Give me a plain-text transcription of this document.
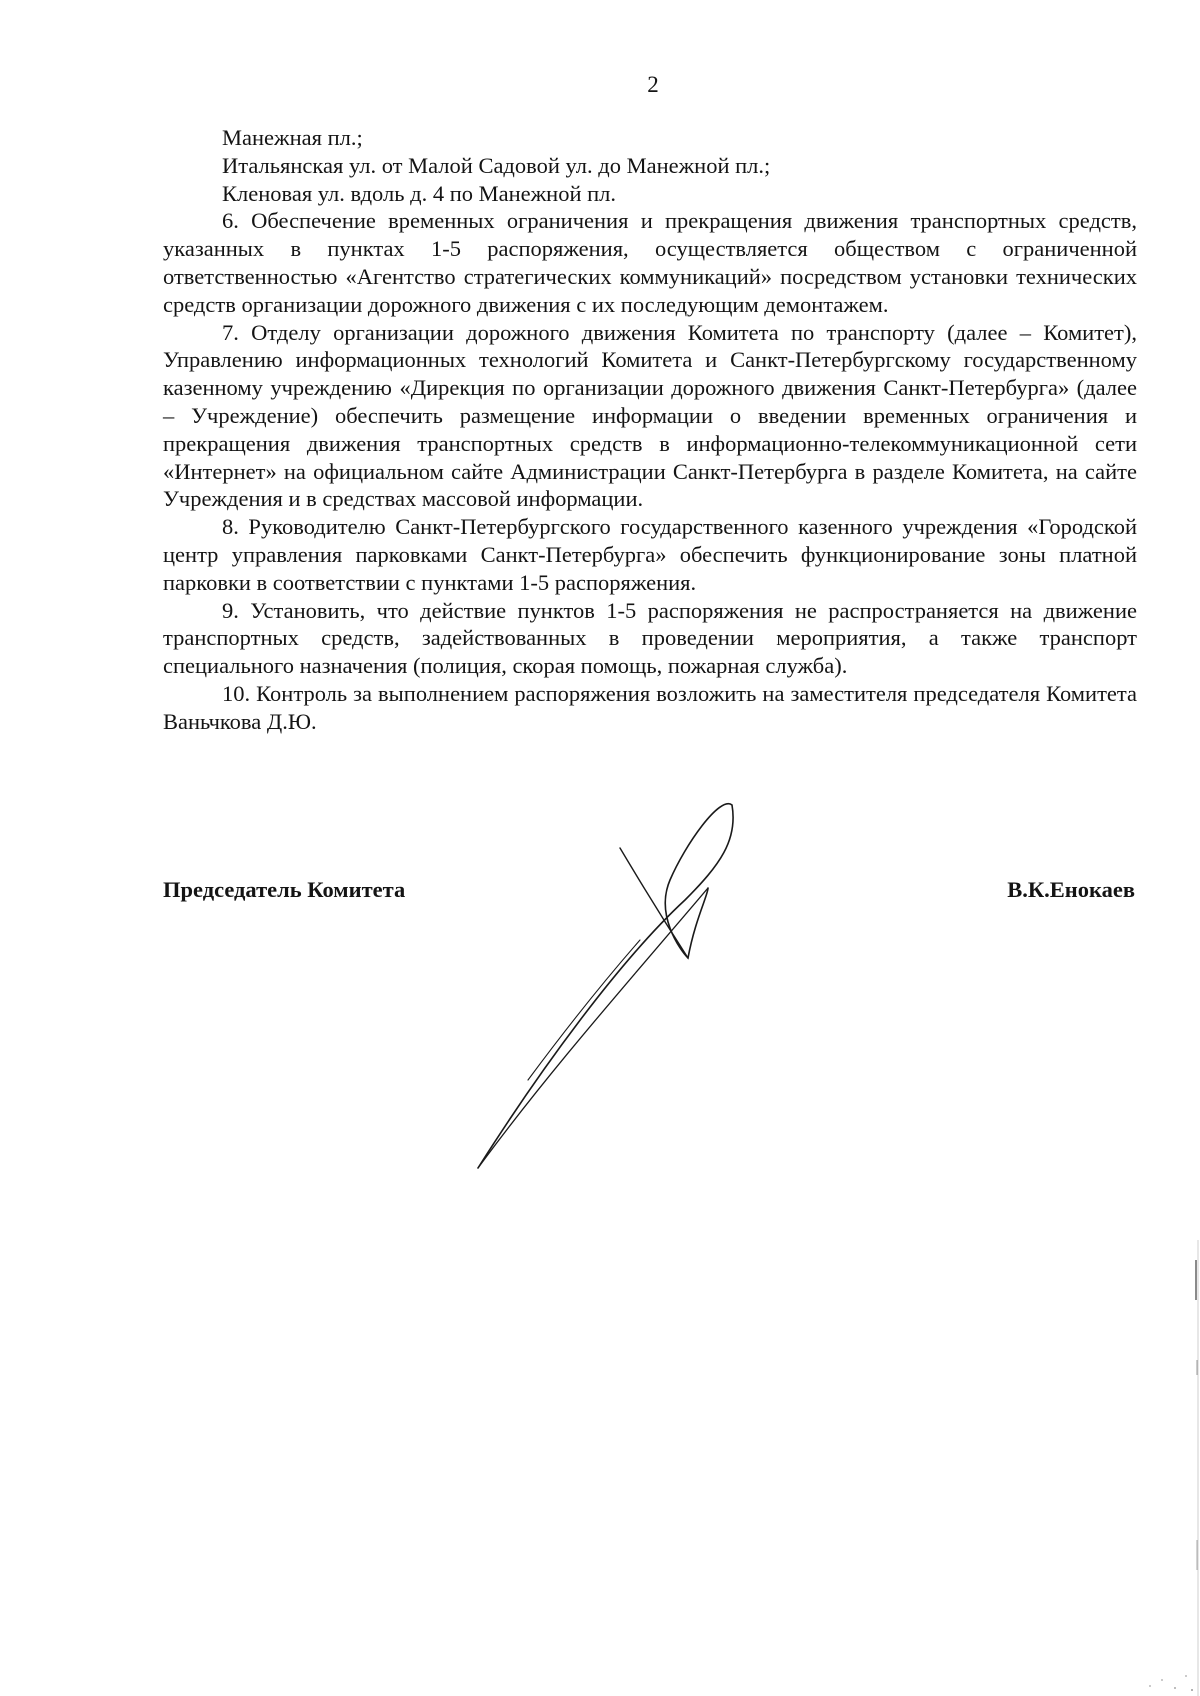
2

Манежная пл.;

Итальянская ул. от Малой Садовой ул. до Манежной пл.;

Кленовая ул. вдоль д. 4 по Манежной пл.

6. Обеспечение временных ограничения и прекращения движения транспортных средств, указанных в пунктах 1-5 распоряжения, осуществляется обществом с ограниченной ответственностью «Агентство стратегических коммуникаций» посредством установки технических средств организации дорожного движения с их последующим демонтажем.

7. Отделу организации дорожного движения Комитета по транспорту (далее – Комитет), Управлению информационных технологий Комитета и Санкт-Петербургскому государственному казенному учреждению «Дирекция по организации дорожного движения Санкт-Петербурга» (далее – Учреждение) обеспечить размещение информации о введении временных ограничения и прекращения движения транспортных средств в информационно-телекоммуникационной сети «Интернет» на официальном сайте Администрации Санкт-Петербурга в разделе Комитета, на сайте Учреждения и в средствах массовой информации.

8. Руководителю Санкт-Петербургского государственного казенного учреждения «Городской центр управления парковками Санкт-Петербурга» обеспечить функционирование зоны платной парковки в соответствии с пунктами 1-5 распоряжения.

9. Установить, что действие пунктов 1-5 распоряжения не распространяется на движение транспортных средств, задействованных в проведении мероприятия, а также транспорт специального назначения (полиция, скорая помощь, пожарная служба).

10. Контроль за выполнением распоряжения возложить на заместителя председателя Комитета Ваньчкова Д.Ю.

Председатель Комитета	В.К.Енокаев
